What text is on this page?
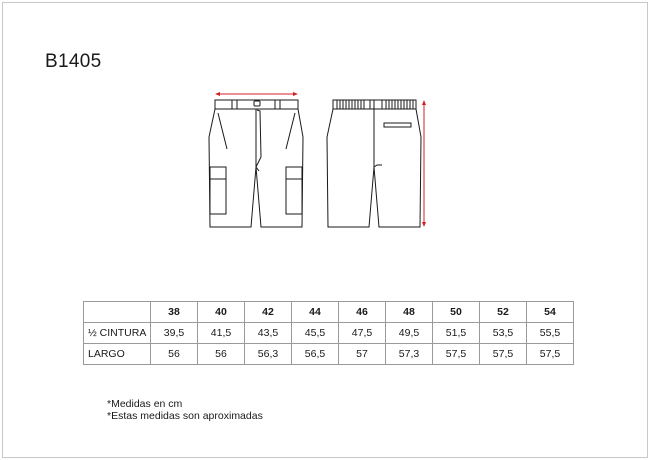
B1405
	38	40	42	44	46	48	50	52	54
½ CINTURA	39,5	41,5	43,5	45,5	47,5	49,5	51,5	53,5	55,5
LARGO	56	56	56,3	56,5	57	57,3	57,5	57,5	57,5
*Medidas en cm
*Estas medidas son aproximadas
